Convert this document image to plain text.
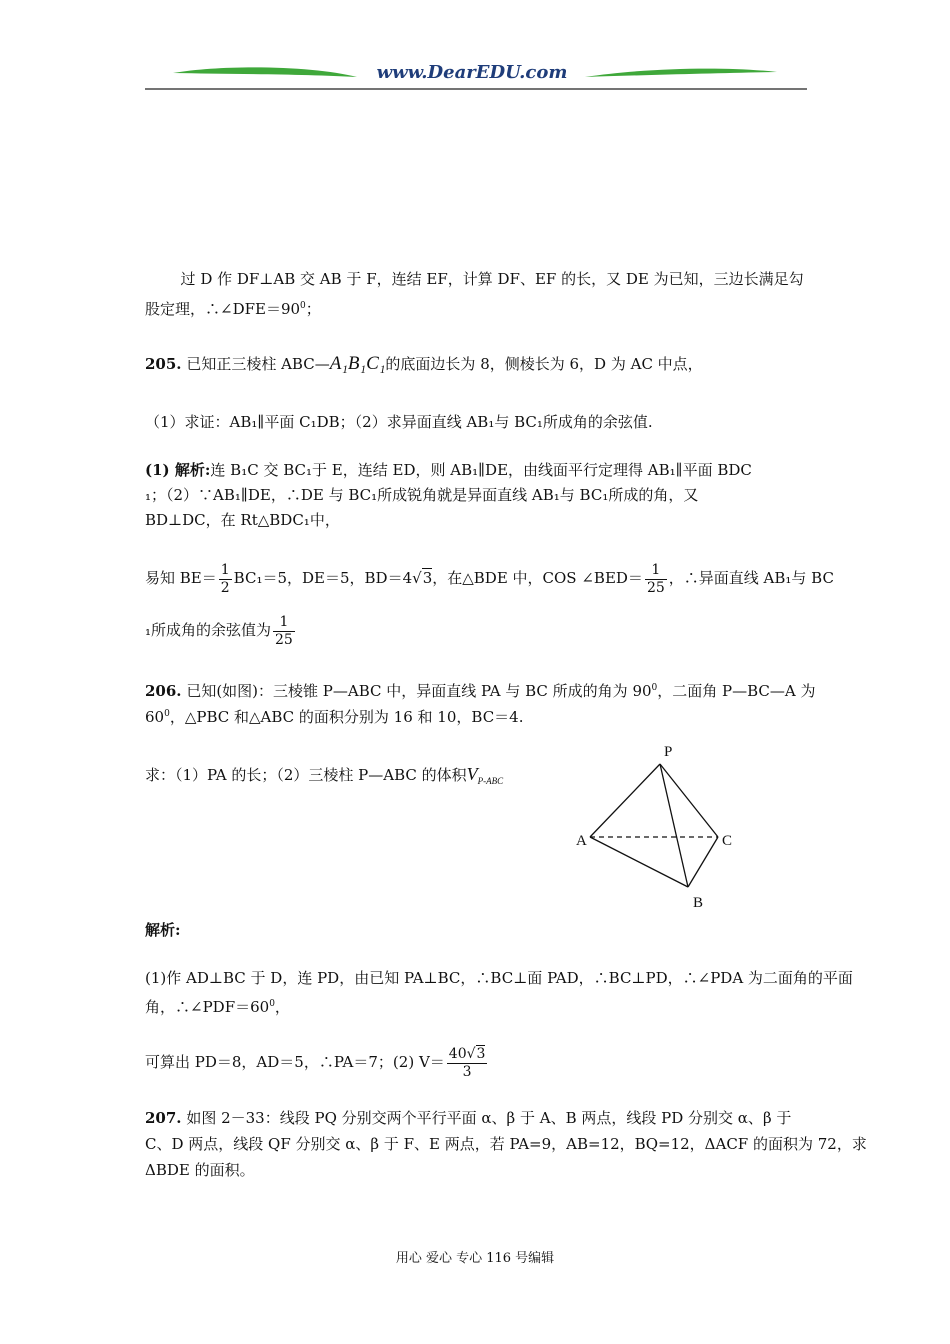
www.DearEDU.com
过 D 作 DF⊥AB 交 AB 于 F，连结 EF，计算 DF、EF 的长，又 DE 为已知，三边长满足勾股定理，$\therefore\angle DFE=90^0$；
205. 已知正三棱柱 ABC—A₁B₁C₁的底面边长为 8，侧棱长为 6，D 为 AC 中点，
（1）求证：AB₁∥平面 C₁DB；（2）求异面直线 AB₁与 BC₁所成角的余弦值.
(1) 解析:连 B₁C 交 BC₁于 E，连结 ED，则 AB₁∥DE，由线面平行定理得 AB₁∥平面 BDC
₁；（2）∵AB₁∥DE，∴DE 与 BC₁所成锐角就是异面直线 AB₁与 BC₁所成的角，又
BD⊥DC，在 Rt△BDC₁中，
易知 $BE= \frac{1}{2} BC_1=5$，DE＝5，BD＝4√3，在△BDE 中，COS ∠BED＝ $\frac{1}{25}$ ，∴异面直线 AB₁与 BC
₁所成角的余弦值为 $\frac{1}{25}$
206. 已知(如图)：三棱锥 P—ABC 中，异面直线 PA 与 BC 所成的角为 $90^0$，二面角 P—BC—A 为
$60^0$，△PBC 和△ABC 的面积分别为 16 和 10，BC＝4.
求：（1）PA 的长；（2）三棱柱 P—ABC 的体积$V_{P-ABC}$
P
A	C
B
解析:
(1)作 AD⊥BC 于 D，连 PD，由已知 PA⊥BC，∴BC⊥面 PAD，∴BC⊥PD，∴∠PDA 为二面角的平面
角，$\therefore\angle PDF=60^0$，
可算出 PD＝8，AD＝5，∴PA＝7；(2) $V= \frac{40√3}{3}$
207. 如图 2－33：线段 PQ 分别交两个平行平面 α、β 于 A、B 两点，线段 PD 分别交 α、β 于
C、D 两点，线段 QF 分别交 α、β 于 F、E 两点，若 PA=9，AB=12，BQ=12，ΔACF 的面积为 72，求
ΔBDE 的面积。
用心 爱心 专心 116 号编辑
